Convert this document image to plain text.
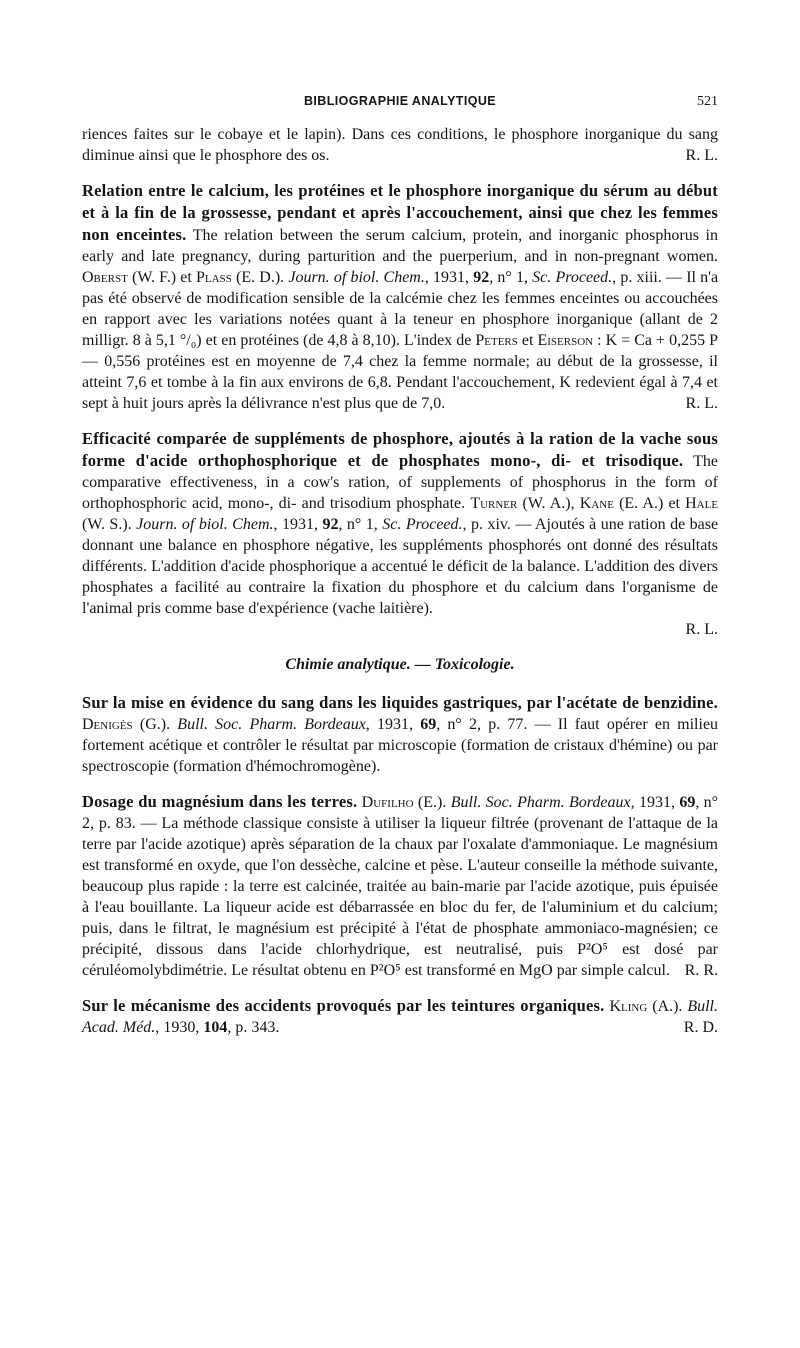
BIBLIOGRAPHIE ANALYTIQUE	521

riences faites sur le cobaye et le lapin). Dans ces conditions, le phosphore inorganique du sang diminue ainsi que le phosphore des os.	R. L.

Relation entre le calcium, les protéines et le phosphore inorganique du sérum au début et à la fin de la grossesse, pendant et après l'accouchement, ainsi que chez les femmes non enceintes. The relation between the serum calcium, protein, and inorganic phosphorus in early and late pregnancy, during parturition and the puerperium, and in non-pregnant women. Oberst (W. F.) et Plass (E. D.). Journ. of biol. Chem., 1931, 92, n° 1, Sc. Proceed., p. xiii. — Il n'a pas été observé de modification sensible de la calcémie chez les femmes enceintes ou accouchées en rapport avec les variations notées quant à la teneur en phosphore inorganique (allant de 2 milligr. 8 à 5,1 °/₀) et en protéines (de 4,8 à 8,10). L'index de Peters et Eiserson : K = Ca + 0,255 P — 0,556 protéines est en moyenne de 7,4 chez la femme normale; au début de la grossesse, il atteint 7,6 et tombe à la fin aux environs de 6,8. Pendant l'accouchement, K redevient égal à 7,4 et sept à huit jours après la délivrance n'est plus que de 7,0.	R. L.

Efficacité comparée de suppléments de phosphore, ajoutés à la ration de la vache sous forme d'acide orthophosphorique et de phosphates mono-, di- et trisodique. The comparative effectiveness, in a cow's ration, of supplements of phosphorus in the form of orthophosphoric acid, mono-, di- and trisodium phosphate. Turner (W. A.), Kane (E. A.) et Hale (W. S.). Journ. of biol. Chem., 1931, 92, n° 1, Sc. Proceed., p. xiv. — Ajoutés à une ration de base donnant une balance en phosphore négative, les suppléments phosphorés ont donné des résultats différents. L'addition d'acide phosphorique a accentué le déficit de la balance. L'addition des divers phosphates a facilité au contraire la fixation du phosphore et du calcium dans l'organisme de l'animal pris comme base d'expérience (vache laitière).

R. L.
Chimie analytique. — Toxicologie.

Sur la mise en évidence du sang dans les liquides gastriques, par l'acétate de benzidine. Denigès (G.). Bull. Soc. Pharm. Bordeaux, 1931, 69, n° 2, p. 77. — Il faut opérer en milieu fortement acétique et contrôler le résultat par microscopie (formation de cristaux d'hémine) ou par spectroscopie (formation d'hémochromogène).

Dosage du magnésium dans les terres. Dufilho (E.). Bull. Soc. Pharm. Bordeaux, 1931, 69, n° 2, p. 83. — La méthode classique consiste à utiliser la liqueur filtrée (provenant de l'attaque de la terre par l'acide azotique) après séparation de la chaux par l'oxalate d'ammoniaque. Le magnésium est transformé en oxyde, que l'on dessèche, calcine et pèse. L'auteur conseille la méthode suivante, beaucoup plus rapide : la terre est calcinée, traitée au bain-marie par l'acide azotique, puis épuisée à l'eau bouillante. La liqueur acide est débarrassée en bloc du fer, de l'aluminium et du calcium; puis, dans le filtrat, le magnésium est précipité à l'état de phosphate ammoniaco-magnésien; ce précipité, dissous dans l'acide chlorhydrique, est neutralisé, puis P²O⁵ est dosé par céruléomolybdimétrie. Le résultat obtenu en P²O⁵ est transformé en MgO par simple calcul. R. R.

Sur le mécanisme des accidents provoqués par les teintures organiques. Kling (A.). Bull. Acad. Méd., 1930, 104, p. 343.	R. D.
